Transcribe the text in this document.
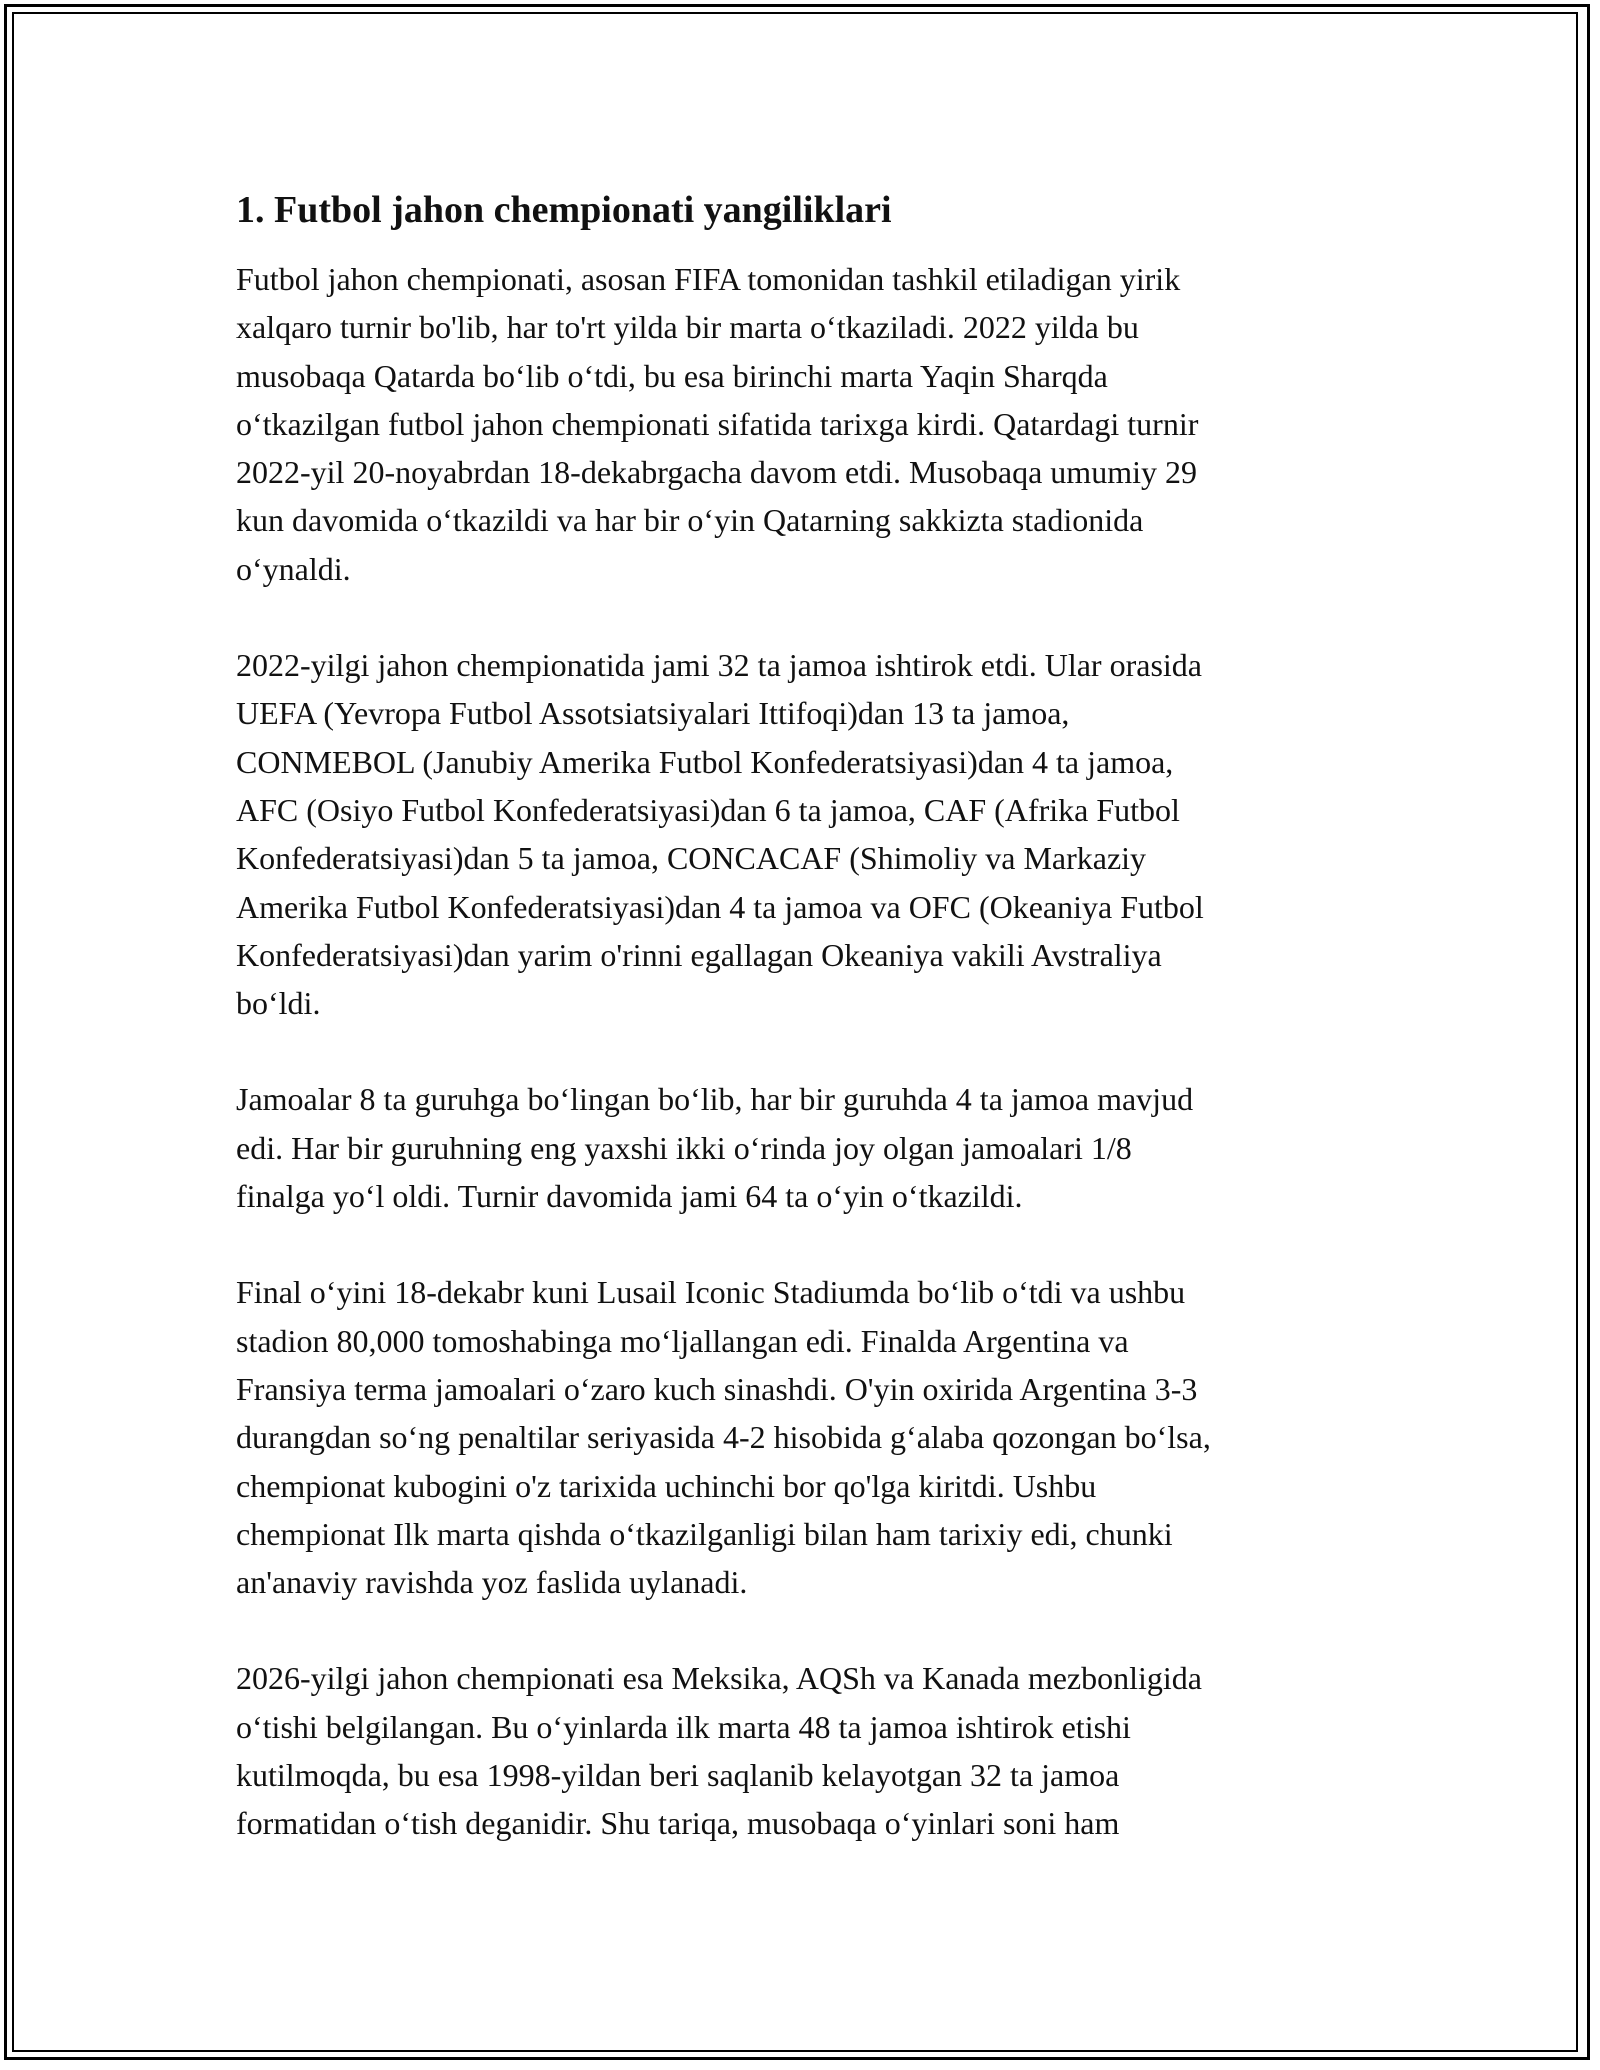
1. Futbol jahon chempionati yangiliklari

Futbol jahon chempionati, asosan FIFA tomonidan tashkil etiladigan yirik
xalqaro turnir bo'lib, har to'rt yilda bir marta o‘tkaziladi. 2022 yilda bu
musobaqa Qatarda bo‘lib o‘tdi, bu esa birinchi marta Yaqin Sharqda
o‘tkazilgan futbol jahon chempionati sifatida tarixga kirdi. Qatardagi turnir
2022-yil 20-noyabrdan 18-dekabrgacha davom etdi. Musobaqa umumiy 29
kun davomida o‘tkazildi va har bir o‘yin Qatarning sakkizta stadionida
o‘ynaldi.

2022-yilgi jahon chempionatida jami 32 ta jamoa ishtirok etdi. Ular orasida
UEFA (Yevropa Futbol Assotsiatsiyalari Ittifoqi)dan 13 ta jamoa,
CONMEBOL (Janubiy Amerika Futbol Konfederatsiyasi)dan 4 ta jamoa,
AFC (Osiyo Futbol Konfederatsiyasi)dan 6 ta jamoa, CAF (Afrika Futbol
Konfederatsiyasi)dan 5 ta jamoa, CONCACAF (Shimoliy va Markaziy
Amerika Futbol Konfederatsiyasi)dan 4 ta jamoa va OFC (Okeaniya Futbol
Konfederatsiyasi)dan yarim o'rinni egallagan Okeaniya vakili Avstraliya
bo‘ldi.

Jamoalar 8 ta guruhga bo‘lingan bo‘lib, har bir guruhda 4 ta jamoa mavjud
edi. Har bir guruhning eng yaxshi ikki o‘rinda joy olgan jamoalari 1/8
finalga yo‘l oldi. Turnir davomida jami 64 ta o‘yin o‘tkazildi.

Final o‘yini 18-dekabr kuni Lusail Iconic Stadiumda bo‘lib o‘tdi va ushbu
stadion 80,000 tomoshabinga mo‘ljallangan edi. Finalda Argentina va
Fransiya terma jamoalari o‘zaro kuch sinashdi. O'yin oxirida Argentina 3-3
durangdan so‘ng penaltilar seriyasida 4-2 hisobida g‘alaba qozongan bo‘lsa,
chempionat kubogini o'z tarixida uchinchi bor qo'lga kiritdi. Ushbu
chempionat Ilk marta qishda o‘tkazilganligi bilan ham tarixiy edi, chunki
an'anaviy ravishda yoz faslida uylanadi.

2026-yilgi jahon chempionati esa Meksika, AQSh va Kanada mezbonligida
o‘tishi belgilangan. Bu o‘yinlarda ilk marta 48 ta jamoa ishtirok etishi
kutilmoqda, bu esa 1998-yildan beri saqlanib kelayotgan 32 ta jamoa
formatidan o‘tish deganidir. Shu tariqa, musobaqa o‘yinlari soni ham
